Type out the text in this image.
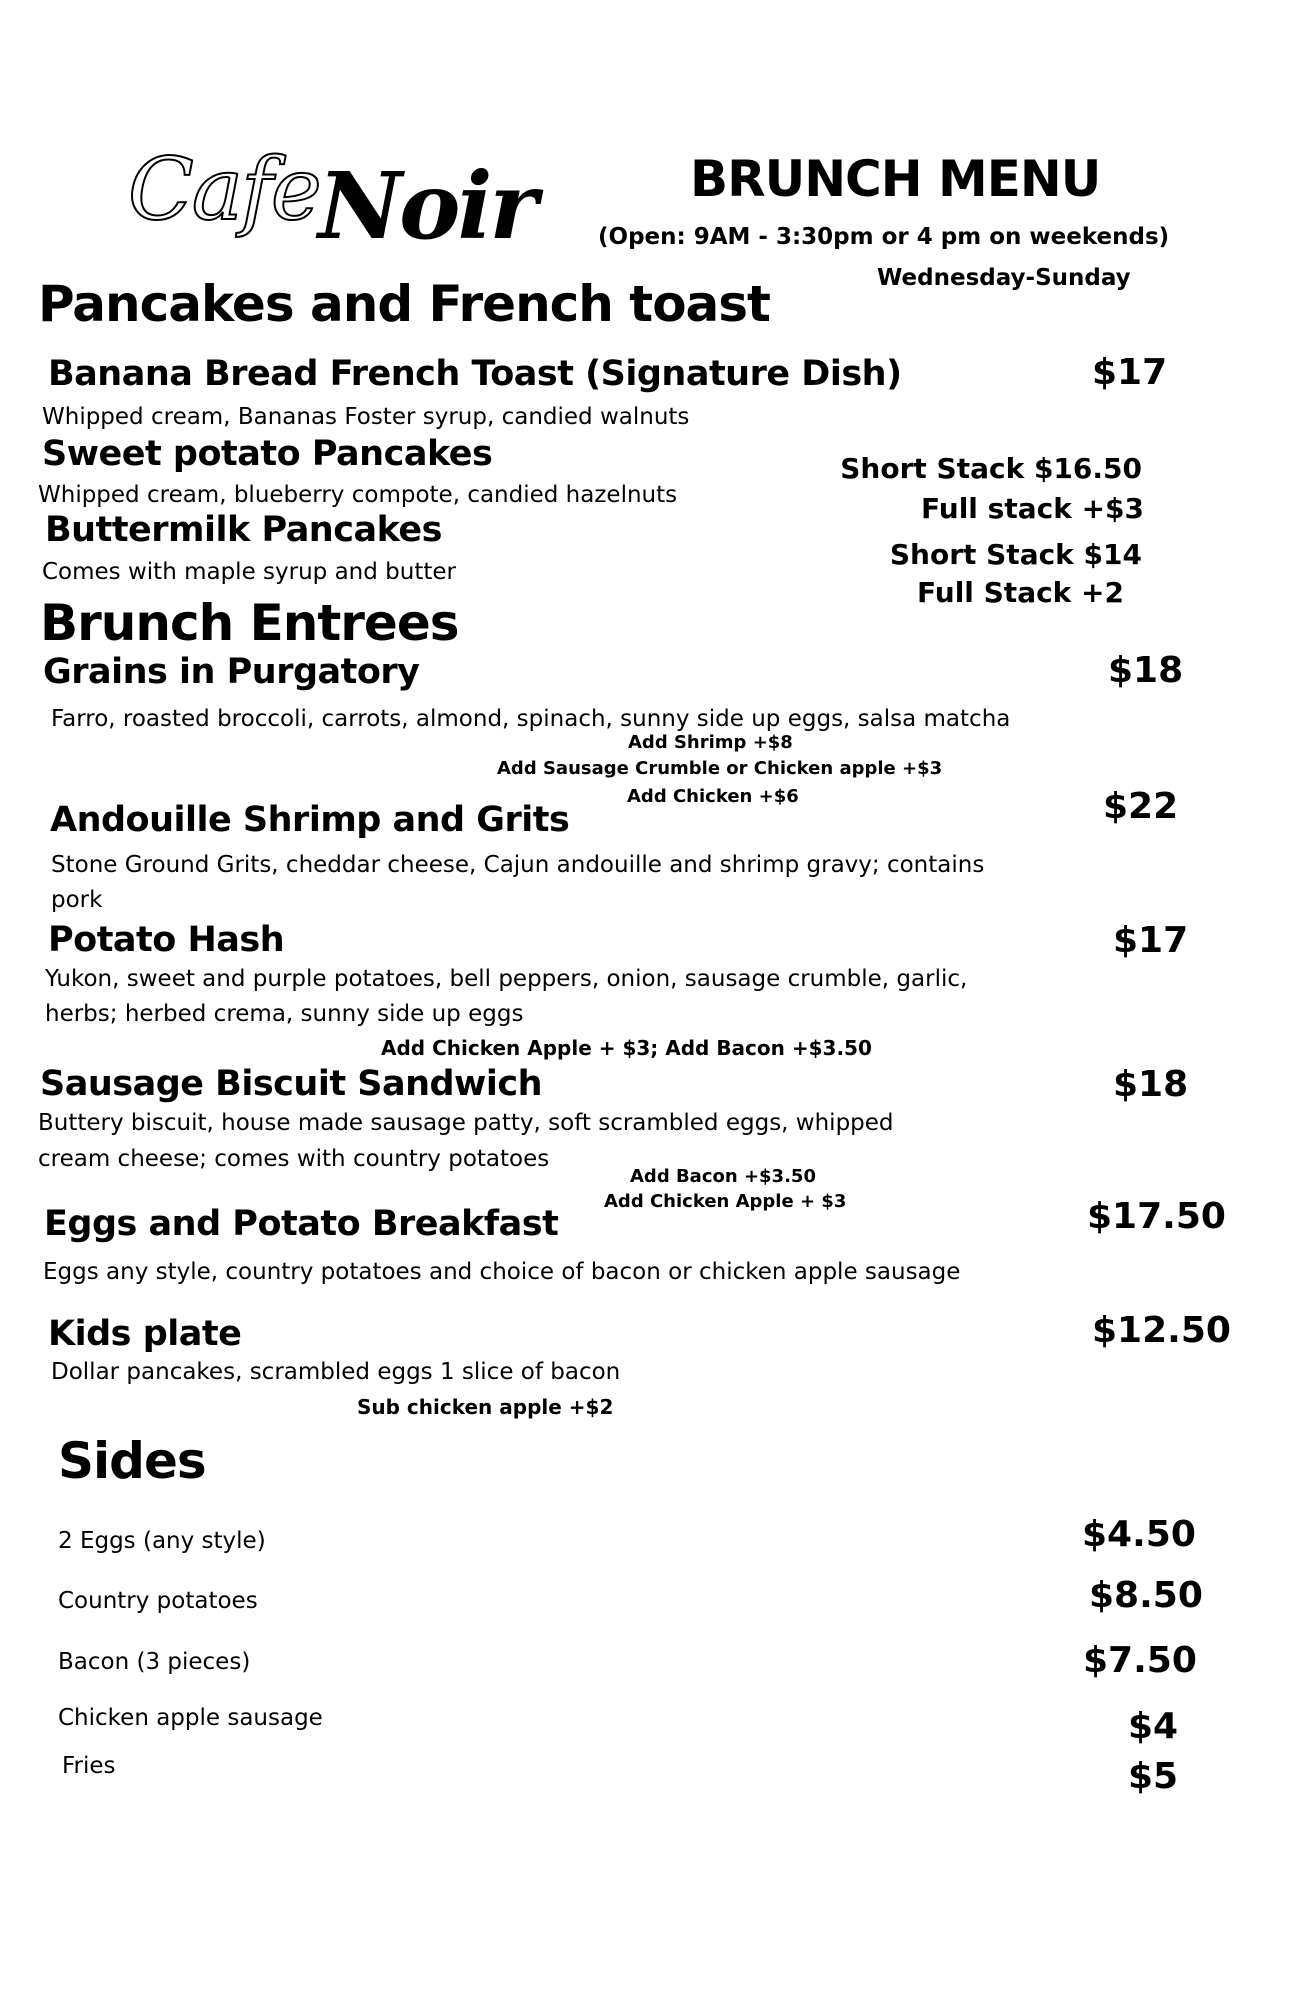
Cafe
Noir	BRUNCH MENU
(Open: 9AM - 3:30pm or 4 pm on weekends)
Wednesday-Sunday
Pancakes and French toast
Banana Bread French Toast (Signature Dish)	$17
Whipped cream, Bananas Foster syrup, candied walnuts
Sweet potato Pancakes
Whipped cream, blueberry compote, candied hazelnuts
Short Stack $16.50
Full stack +$3
Buttermilk Pancakes
Comes with maple syrup and butter
Short Stack $14
Full Stack +2
Brunch Entrees
Grains in Purgatory	$18
Farro, roasted broccoli, carrots, almond, spinach, sunny side up eggs, salsa matcha
Add Shrimp +$8
Add Sausage Crumble or Chicken apple +$3
Add Chicken +$6
Andouille Shrimp and Grits	$22
Stone Ground Grits, cheddar cheese, Cajun andouille and shrimp gravy; contains pork
Potato Hash	$17
Yukon, sweet and purple potatoes, bell peppers, onion, sausage crumble, garlic,
herbs; herbed crema, sunny side up eggs
Add Chicken Apple + $3; Add Bacon +$3.50
Sausage Biscuit Sandwich	$18
Buttery biscuit, house made sausage patty, soft scrambled eggs, whipped
cream cheese; comes with country potatoes
Add Bacon +$3.50
Add Chicken Apple + $3
Eggs and Potato Breakfast	$17.50
Eggs any style, country potatoes and choice of bacon or chicken apple sausage
Kids plate	$12.50
Dollar pancakes, scrambled eggs 1 slice of bacon
Sub chicken apple +$2
Sides
2 Eggs (any style)	$4.50
Country potatoes	$8.50
Bacon (3 pieces)	$7.50
Chicken apple sausage	$4
Fries	$5
